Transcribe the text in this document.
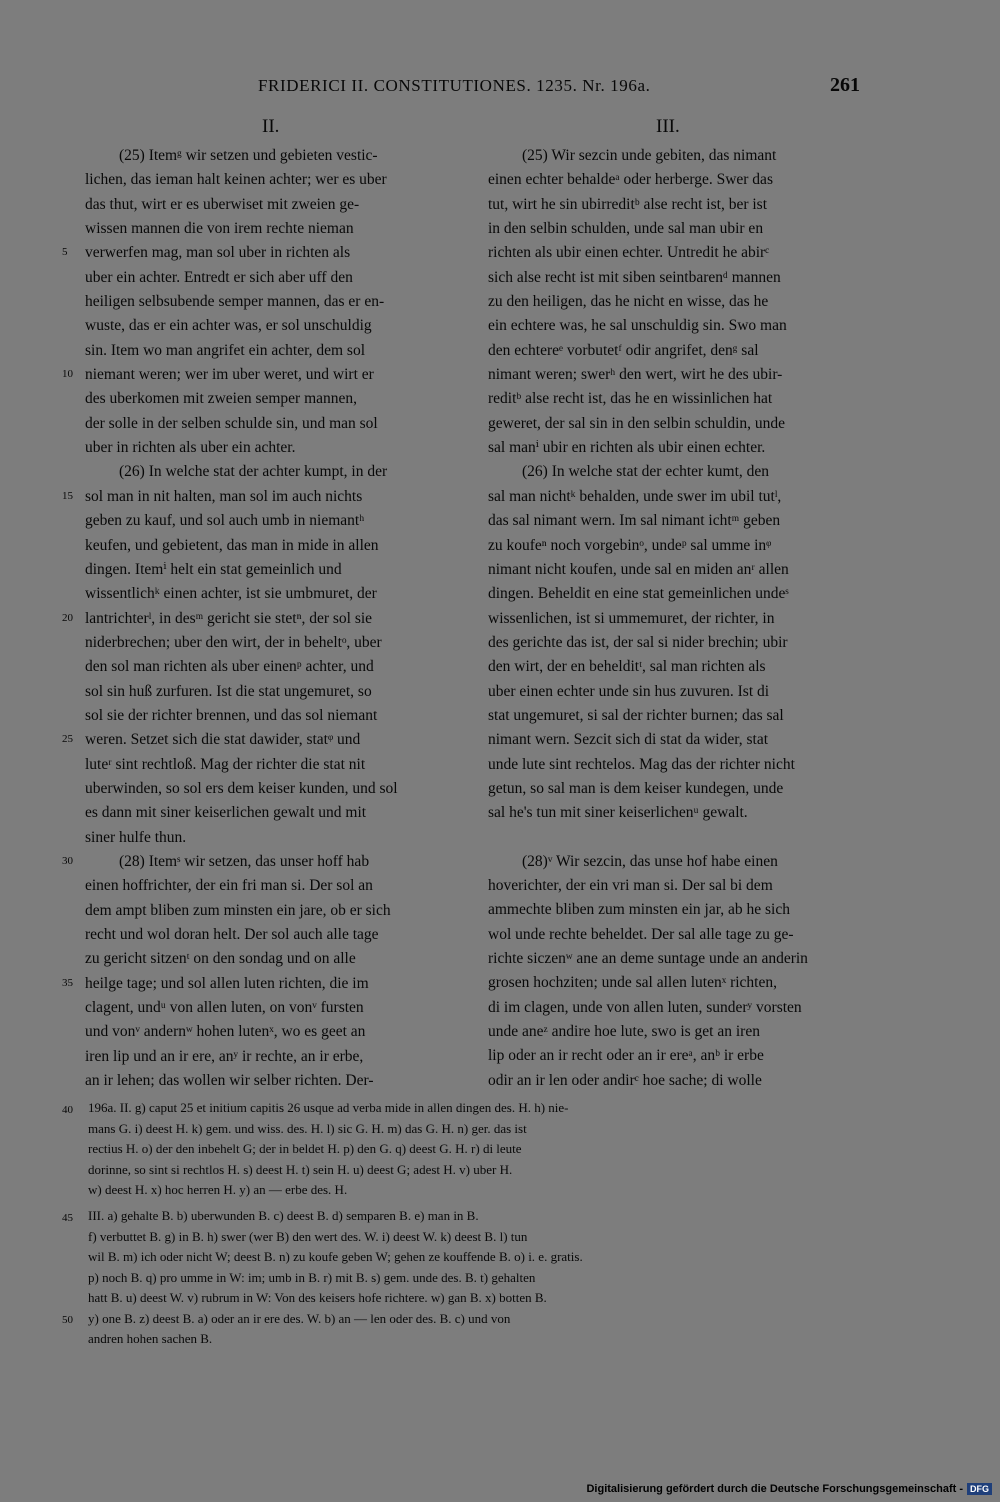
FRIDERICI II. CONSTITUTIONES. 1235. Nr. 196a.	261
II.	III.
(25) Itemᵍ wir setzen und gebieten vestic-
lichen, das ieman halt keinen achter; wer es uber
das thut, wirt er es uberwiset mit zweien ge-
wissen mannen die von irem rechte nieman
verwerfen mag, man sol uber in richten als
uber ein achter. Entredt er sich aber uff den
heiligen selbsubende semper mannen, das er en-
wuste, das er ein achter was, er sol unschuldig
sin. Item wo man angrifet ein achter, dem sol
niemant weren; wer im uber weret, und wirt er
des uberkomen mit zweien semper mannen,
der solle in der selben schulde sin, und man sol
uber in richten als uber ein achter.
(26) In welche stat der achter kumpt, in der
sol man in nit halten, man sol im auch nichts
geben zu kauf, und sol auch umb in niemantʰ
keufen, und gebietent, das man in mide in allen
dingen. Itemⁱ helt ein stat gemeinlich und
wissentlichᵏ einen achter, ist sie umbmuret, der
lantrichterˡ, in desᵐ gericht sie stetⁿ, der sol sie
niderbrechen; uber den wirt, der in beheltᵒ, uber
den sol man richten als uber einenᵖ achter, und
sol sin huß zurfuren. Ist die stat ungemuret, so
sol sie der richter brennen, und das sol niemant
weren. Setzet sich die stat dawider, statᵠ und
luteʳ sint rechtloß. Mag der richter die stat nit
uberwinden, so sol ers dem keiser kunden, und sol
es dann mit siner keiserlichen gewalt und mit
siner hulfe thun.
(28) Itemˢ wir setzen, das unser hoff hab
einen hoffrichter, der ein fri man si. Der sol an
dem ampt bliben zum minsten ein jare, ob er sich
recht und wol doran helt. Der sol auch alle tage
zu gericht sitzenᵗ on den sondag und on alle
heilge tage; und sol allen luten richten, die im
clagent, undᵘ von allen luten, on vonᵛ fursten
und vonᵛ andernʷ hohen lutenˣ, wo es geet an
iren lip und an ir ere, anʸ ir rechte, an ir erbe,
an ir lehen; das wollen wir selber richten. Der-
(25) Wir sezcin unde gebiten, das nimant
einen echter behaldeᵃ oder herberge. Swer das
tut, wirt he sin ubirreditᵇ alse recht ist, ber ist
in den selbin schulden, unde sal man ubir en
richten als ubir einen echter. Untredit he abirᶜ
sich alse recht ist mit siben seintbarenᵈ mannen
zu den heiligen, das he nicht en wisse, das he
ein echtere was, he sal unschuldig sin. Swo man
den echtereᵉ vorbutetᶠ odir angrifet, denᵍ sal
nimant weren; swerʰ den wert, wirt he des ubir-
reditᵇ alse recht ist, das he en wissinlichen hat
geweret, der sal sin in den selbin schuldin, unde
sal manⁱ ubir en richten als ubir einen echter.
(26) In welche stat der echter kumt, den
sal man nichtᵏ behalden, unde swer im ubil tutˡ,
das sal nimant wern. Im sal nimant ichtᵐ geben
zu koufeⁿ noch vorgebinᵒ, undeᵖ sal umme inᵠ
nimant nicht koufen, unde sal en miden anʳ allen
dingen. Beheldit en eine stat gemeinlichen undeˢ
wissenlichen, ist si ummemuret, der richter, in
des gerichte das ist, der sal si nider brechin; ubir
den wirt, der en behelditᵗ, sal man richten als
uber einen echter unde sin hus zuvuren. Ist di
stat ungemuret, si sal der richter burnen; das sal
nimant wern. Sezcit sich di stat da wider, stat
unde lute sint rechtelos. Mag das der richter nicht
getun, so sal man is dem keiser kundegen, unde
sal he's tun mit siner keiserlichenᵘ gewalt.
(28)ᵛ Wir sezcin, das unse hof habe einen
hoverichter, der ein vri man si. Der sal bi dem
ammechte bliben zum minsten ein jar, ab he sich
wol unde rechte beheldet. Der sal alle tage zu ge-
richte siczenʷ ane an deme suntage unde an anderin
grosen hochziten; unde sal allen lutenˣ richten,
di im clagen, unde von allen luten, sunderʸ vorsten
unde aneᶻ andire hoe lute, swo is get an iren
lip oder an ir recht oder an ir ereᵃ, anᵇ ir erbe
odir an ir len oder andirᶜ hoe sache; di wolle
5
10
15
20
25
30
35
40
45
50
196a. II. g) caput 25 et initium capitis 26 usque ad verba mide in allen dingen des. H. h) nie-
mans G. i) deest H. k) gem. und wiss. des. H. l) sic G. H. m) das G. H. n) ger. das ist
rectius H. o) der den inbehelt G; der in beldet H. p) den G. q) deest G. H. r) di leute
dorinne, so sint si rechtlos H. s) deest H. t) sein H. u) deest G; adest H. v) uber H.
w) deest H. x) hoc herren H. y) an — erbe des. H.
III. a) gehalte B. b) uberwunden B. c) deest B. d) semparen B. e) man in B.
f) verbuttet B. g) in B. h) swer (wer B) den wert des. W. i) deest W. k) deest B. l) tun
wil B. m) ich oder nicht W; deest B. n) zu koufe geben W; gehen ze kouffende B. o) i. e. gratis.
p) noch B. q) pro umme in W: im; umb in B. r) mit B. s) gem. unde des. B. t) gehalten
hatt B. u) deest W. v) rubrum in W: Von des keisers hofe richtere. w) gan B. x) botten B.
y) one B. z) deest B. a) oder an ir ere des. W. b) an — len oder des. B. c) und von
andren hohen sachen B.
Digitalisierung gefördert durch die Deutsche Forschungsgemeinschaft - DFG
